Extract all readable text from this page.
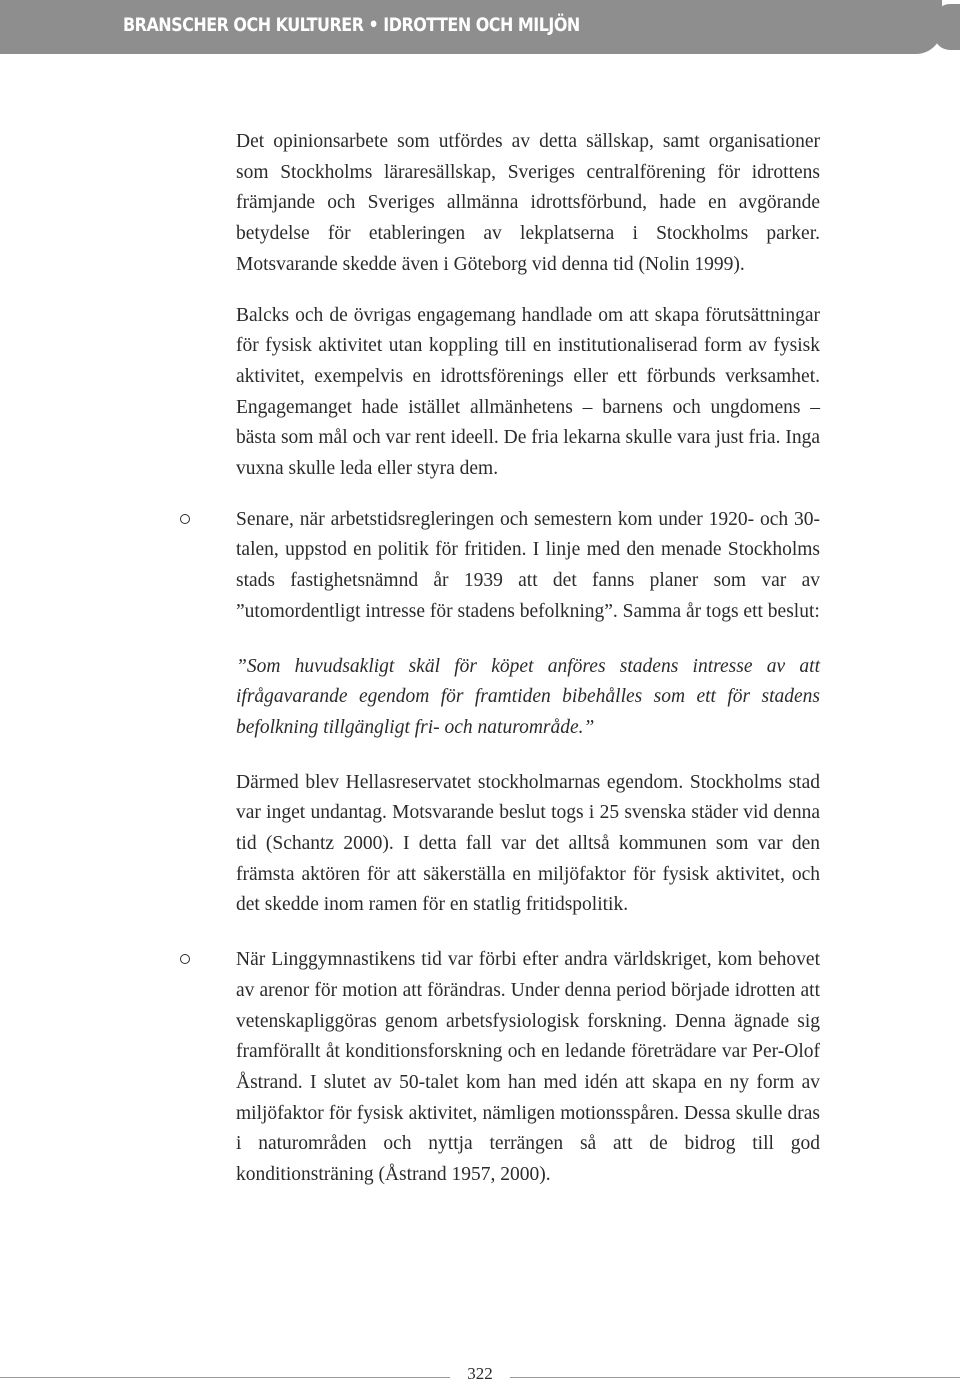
BRANSCHER OCH KULTURER • IDROTTEN OCH MILJÖN

Det opinionsarbete som utfördes av detta sällskap, samt organisationer som Stockholms läraresällskap, Sveriges centralförening för idrottens främjande och Sveriges allmänna idrottsförbund, hade en avgörande betydelse för etableringen av lekplatserna i Stockholms parker. Motsvarande skedde även i Göteborg vid denna tid (Nolin 1999).

Balcks och de övrigas engagemang handlade om att skapa förutsättningar för fysisk aktivitet utan koppling till en institutionaliserad form av fysisk aktivitet, exempelvis en idrottsförenings eller ett förbunds verksamhet. Engagemanget hade istället allmänhetens – barnens och ungdomens – bästa som mål och var rent ideell. De fria lekarna skulle vara just fria. Inga vuxna skulle leda eller styra dem.

Senare, när arbetstidsregleringen och semestern kom under 1920- och 30-talen, uppstod en politik för fritiden. I linje med den menade Stockholms stads fastighetsnämnd år 1939 att det fanns planer som var av ”utomordentligt intresse för stadens befolkning”. Samma år togs ett beslut:

”Som huvudsakligt skäl för köpet anföres stadens intresse av att ifrågavarande egendom för framtiden bibehålles som ett för stadens befolkning tillgängligt fri- och naturområde.”

Därmed blev Hellasreservatet stockholmarnas egendom. Stockholms stad var inget undantag. Motsvarande beslut togs i 25 svenska städer vid denna tid (Schantz 2000). I detta fall var det alltså kommunen som var den främsta aktören för att säkerställa en miljöfaktor för fysisk aktivitet, och det skedde inom ramen för en statlig fritidspolitik.

När Linggymnastikens tid var förbi efter andra världskriget, kom behovet av arenor för motion att förändras. Under denna period började idrotten att vetenskapliggöras genom arbetsfysiologisk forskning. Denna ägnade sig framförallt åt konditionsforskning och en ledande företrädare var Per-Olof Åstrand. I slutet av 50-talet kom han med idén att skapa en ny form av miljöfaktor för fysisk aktivitet, nämligen motionsspåren. Dessa skulle dras i naturområden och nyttja terrängen så att de bidrog till god konditionsträning (Åstrand 1957, 2000).

322
